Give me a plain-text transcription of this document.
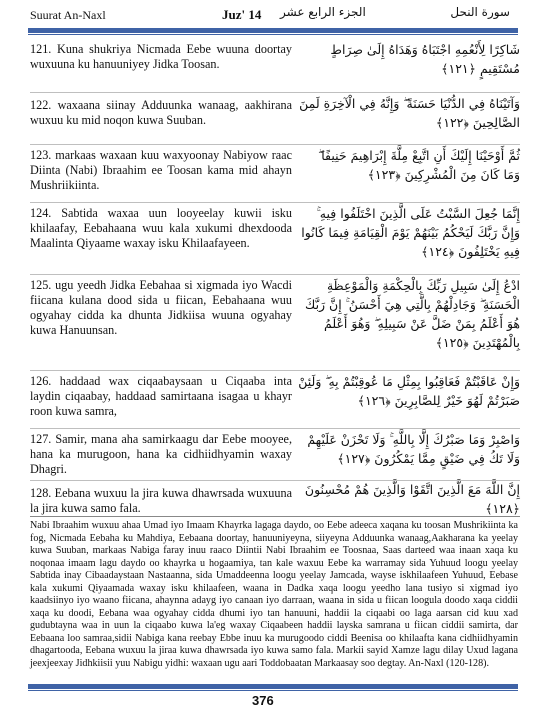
Suurat An-Naxl	Juz' 14 الجزء الرابع عشر	سورة النحل
121. Kuna shukriya Nicmada Eebe wuuna doortay wuxuuna ku hanuuniyey Jidka Toosan.
122. waxaana siinay Adduunka wanaag, aakhirana wuxuu ku mid noqon kuwa Suuban.
123. markaas waxaan kuu waxyoonay Nabiyow raac Diinta (Nabi) Ibraahim ee Toosan kama mid ahayn Mushriikiinta.
124. Sabtida waxaa uun looyeelay kuwii isku khilaafay, Eebahaana wuu kala xukumi dhexdooda Maalinta Qiyaame waxay isku Khilaafayeen.
125. ugu yeedh Jidka Eebahaa si xigmada iyo Wacdi fiicana kulana dood sida u fiican, Eebahaana wuu ogyahay cidda ka dhunta Jidkiisa wuuna ogyahay kuwa Hanuunsan.
126. haddaad wax ciqaabaysaan u Ciqaaba inta laydin ciqaabay, haddaad samirtaana isagaa u khayr roon kuwa samra,
127. Samir, mana aha samirkaagu dar Eebe mooyee, hana ka murugoon, hana ka cidhiidhyamin waxay Dhagri.
128. Eebana wuxuu la jira kuwa dhawrsada wuxuuna la jira kuwa samo fala.
شَاكِرًا لِأَنْعُمِهِ اجْتَبَاهُ وَهَدَاهُ إِلَىٰ صِرَاطٍ مُسْتَقِيمٍ ﴿١٢١﴾
وَآتَيْنَاهُ فِي الدُّنْيَا حَسَنَةً ۖ وَإِنَّهُ فِي الْآخِرَةِ لَمِنَ الصَّالِحِينَ ﴿١٢٢﴾
ثُمَّ أَوْحَيْنَا إِلَيْكَ أَنِ اتَّبِعْ مِلَّةَ إِبْرَاهِيمَ حَنِيفًا ۖ وَمَا كَانَ مِنَ الْمُشْرِكِينَ ﴿١٢٣﴾
إِنَّمَا جُعِلَ السَّبْتُ عَلَى الَّذِينَ اخْتَلَفُوا فِيهِ ۚ وَإِنَّ رَبَّكَ لَيَحْكُمُ بَيْنَهُمْ يَوْمَ الْقِيَامَةِ فِيمَا كَانُوا فِيهِ يَخْتَلِفُونَ ﴿١٢٤﴾
ادْعُ إِلَىٰ سَبِيلِ رَبِّكَ بِالْحِكْمَةِ وَالْمَوْعِظَةِ الْحَسَنَةِ ۖ وَجَادِلْهُمْ بِالَّتِي هِيَ أَحْسَنُ ۚ إِنَّ رَبَّكَ هُوَ أَعْلَمُ بِمَنْ ضَلَّ عَنْ سَبِيلِهِ ۖ وَهُوَ أَعْلَمُ بِالْمُهْتَدِينَ ﴿١٢٥﴾
وَإِنْ عَاقَبْتُمْ فَعَاقِبُوا بِمِثْلِ مَا عُوقِبْتُمْ بِهِ ۖ وَلَئِنْ صَبَرْتُمْ لَهُوَ خَيْرٌ لِلصَّابِرِينَ ﴿١٢٦﴾
وَاصْبِرْ وَمَا صَبْرُكَ إِلَّا بِاللَّهِ ۚ وَلَا تَحْزَنْ عَلَيْهِمْ وَلَا تَكُ فِي ضَيْقٍ مِمَّا يَمْكُرُونَ ﴿١٢٧﴾
إِنَّ اللَّهَ مَعَ الَّذِينَ اتَّقَوْا وَالَّذِينَ هُمْ مُحْسِنُونَ ﴿١٢٨﴾
Nabi Ibraahim wuxuu ahaa Umad iyo Imaam Khayrka lagaga daydo, oo Eebe adeeca xaqana ku toosan Mushrikiinta ka fog, Nicmada Eebaha ku Mahdiya, Eebaana doortay, hanuuniyeyna, siiyeyna Adduunka wanaag,Aakharana ka yeelay kuwa Suuban, markaas Nabiga faray inuu raaco Diintii Nabi Ibraahim ee Toosnaa, Saas darteed waa inaan xaqa ku noqonaa imaam lagu daydo oo khayrka u hogaamiya, tan kale waxuu Eebe ka warramay sida Yuhuud loogu yeelay Sabtida inay Cibaadaystaan Nastaanna, sida Umaddeenna loogu yeelay Jamcada, wayse iskhilaafeen Yuhuud, Eebase kala xukumi Qiyaamada waxay isku khilaafeen, waana in Dadka xaqa loogu yeedho lana tusiyo si xigmad iyo kaadsiinyo iyo waano fiicana, ahaynna adayg iyo canaan iyo darraan, waana in sida u fiican loogula doodo xaqa ciddii xaqa ku doodi, Eebana waa ogyahay cidda dhumi iyo tan hanuuni, haddii la ciqaabi oo laga aarsan cid kuu xad gudubtayna waa in uun la ciqaabo kuwa la'eg waxay Ciqaabeen haddii layska samrana u fiican ciddii samirta, dar Eebaana loo samraa,sidii Nabiga kana reebay Ebbe inuu ka murugoodo ciddi Beenisa oo khilaafta kana cidhiidhyamin dhagartooda, Eebana wuxuu la jiraa kuwa dhawrsada iyo kuwa samo fala. Markii sayid Xamze lagu dilay Uxud lagana jeexjeexay Jidhkiisii yuu Nabigu yidhi: waxaan ugu aari Toddobaatan Markaasay soo degtay. An-Naxl (120-128).
376
